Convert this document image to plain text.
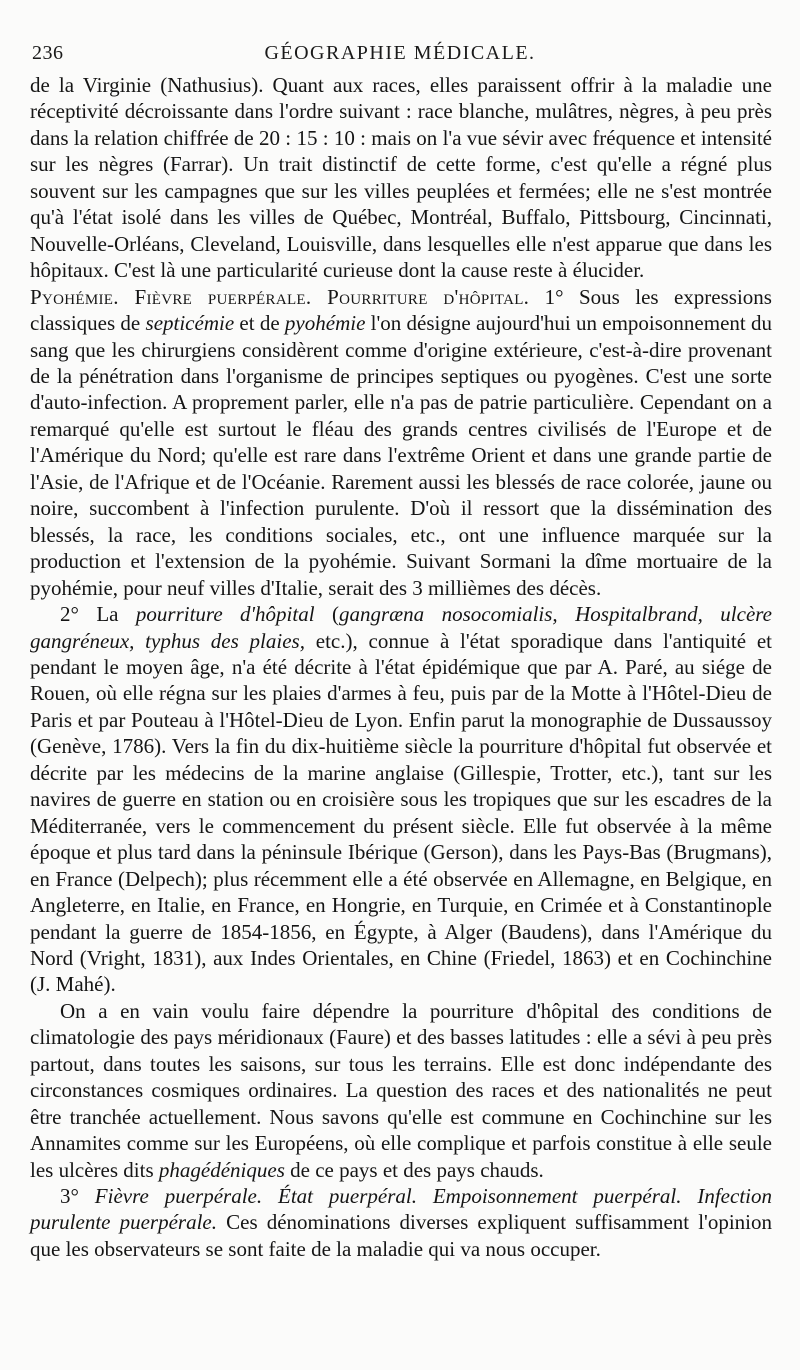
236	GÉOGRAPHIE MÉDICALE.

de la Virginie (Nathusius). Quant aux races, elles paraissent offrir à la maladie une réceptivité décroissante dans l'ordre suivant : race blanche, mulâtres, nègres, à peu près dans la relation chiffrée de 20 : 15 : 10 : mais on l'a vue sévir avec fréquence et intensité sur les nègres (Farrar). Un trait distinctif de cette forme, c'est qu'elle a régné plus souvent sur les campagnes que sur les villes peuplées et fermées; elle ne s'est montrée qu'à l'état isolé dans les villes de Québec, Montréal, Buffalo, Pittsbourg, Cincinnati, Nouvelle-Orléans, Cleveland, Louisville, dans lesquelles elle n'est apparue que dans les hôpitaux. C'est là une particularité curieuse dont la cause reste à élucider.

Pyohémie. Fièvre puerpérale. Pourriture d'hôpital. 1° Sous les expressions classiques de septicémie et de pyohémie l'on désigne aujourd'hui un empoisonnement du sang que les chirurgiens considèrent comme d'origine extérieure, c'est-à-dire provenant de la pénétration dans l'organisme de principes septiques ou pyogènes. C'est une sorte d'auto-infection. A proprement parler, elle n'a pas de patrie particulière. Cependant on a remarqué qu'elle est surtout le fléau des grands centres civilisés de l'Europe et de l'Amérique du Nord; qu'elle est rare dans l'extrême Orient et dans une grande partie de l'Asie, de l'Afrique et de l'Océanie. Rarement aussi les blessés de race colorée, jaune ou noire, succombent à l'infection purulente. D'où il ressort que la dissémination des blessés, la race, les conditions sociales, etc., ont une influence marquée sur la production et l'extension de la pyohémie. Suivant Sormani la dîme mortuaire de la pyohémie, pour neuf villes d'Italie, serait des 3 millièmes des décès.

2° La pourriture d'hôpital (gangræna nosocomialis, Hospitalbrand, ulcère gangréneux, typhus des plaies, etc.), connue à l'état sporadique dans l'antiquité et pendant le moyen âge, n'a été décrite à l'état épidémique que par A. Paré, au siége de Rouen, où elle régna sur les plaies d'armes à feu, puis par de la Motte à l'Hôtel-Dieu de Paris et par Pouteau à l'Hôtel-Dieu de Lyon. Enfin parut la monographie de Dussaussoy (Genève, 1786). Vers la fin du dix-huitième siècle la pourriture d'hôpital fut observée et décrite par les médecins de la marine anglaise (Gillespie, Trotter, etc.), tant sur les navires de guerre en station ou en croisière sous les tropiques que sur les escadres de la Méditerranée, vers le commencement du présent siècle. Elle fut observée à la même époque et plus tard dans la péninsule Ibérique (Gerson), dans les Pays-Bas (Brugmans), en France (Delpech); plus récemment elle a été observée en Allemagne, en Belgique, en Angleterre, en Italie, en France, en Hongrie, en Turquie, en Crimée et à Constantinople pendant la guerre de 1854-1856, en Égypte, à Alger (Baudens), dans l'Amérique du Nord (Vright, 1831), aux Indes Orientales, en Chine (Friedel, 1863) et en Cochinchine (J. Mahé).

On a en vain voulu faire dépendre la pourriture d'hôpital des conditions de climatologie des pays méridionaux (Faure) et des basses latitudes : elle a sévi à peu près partout, dans toutes les saisons, sur tous les terrains. Elle est donc indépendante des circonstances cosmiques ordinaires. La question des races et des nationalités ne peut être tranchée actuellement. Nous savons qu'elle est commune en Cochinchine sur les Annamites comme sur les Européens, où elle complique et parfois constitue à elle seule les ulcères dits phagédéniques de ce pays et des pays chauds.

3° Fièvre puerpérale. État puerpéral. Empoisonnement puerpéral. Infection purulente puerpérale. Ces dénominations diverses expliquent suffisamment l'opinion que les observateurs se sont faite de la maladie qui va nous occuper.
